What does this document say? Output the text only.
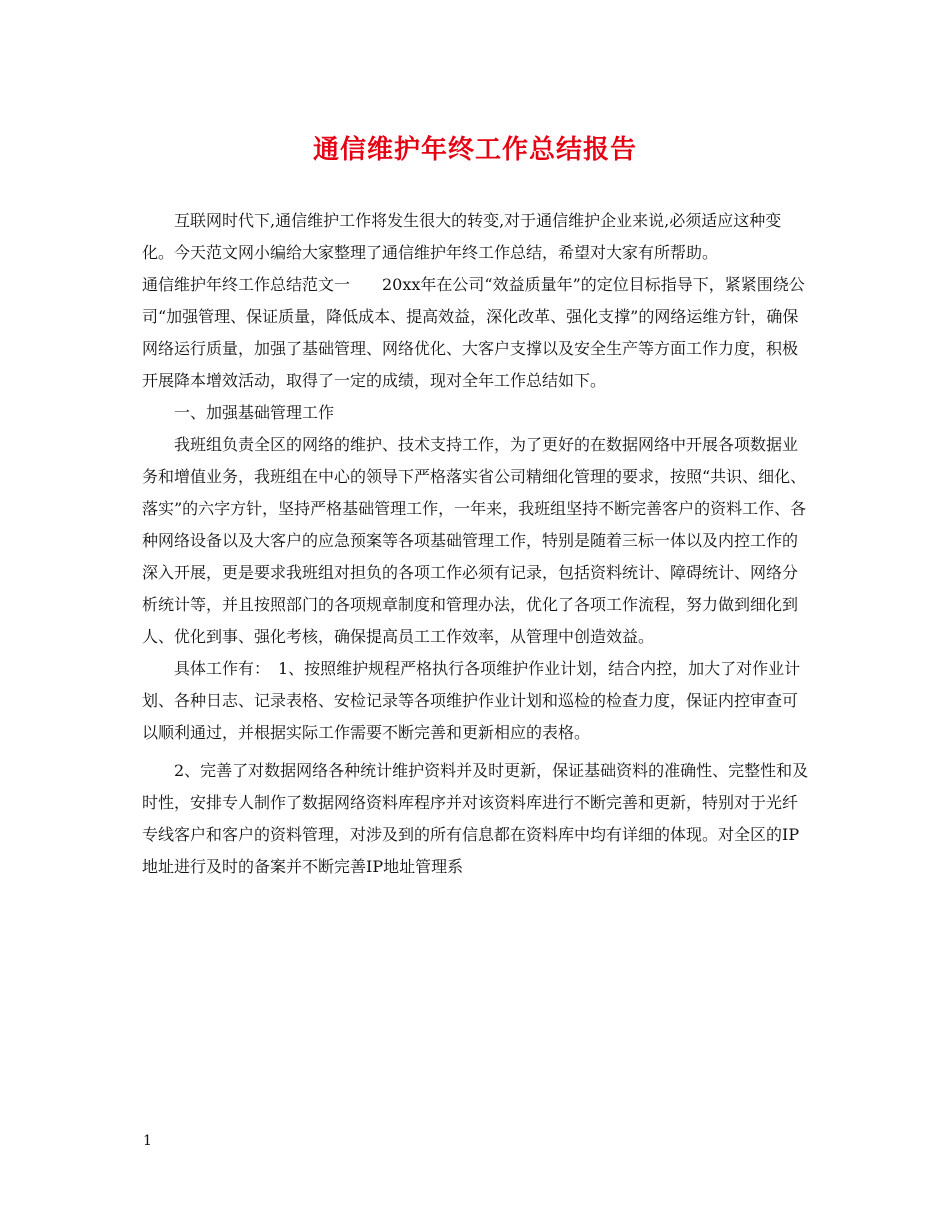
通信维护年终工作总结报告

互联网时代下,通信维护工作将发生很大的转变,对于通信维护企业来说,必须适应这种变化。今天范文网小编给大家整理了通信维护年终工作总结，希望对大家有所帮助。

通信维护年终工作总结范文一　　20xx年在公司“效益质量年”的定位目标指导下，紧紧围绕公司“加强管理、保证质量，降低成本、提高效益，深化改革、强化支撑”的网络运维方针，确保网络运行质量，加强了基础管理、网络优化、大客户支撑以及安全生产等方面工作力度，积极开展降本增效活动，取得了一定的成绩，现对全年工作总结如下。

一、加强基础管理工作

我班组负责全区的网络的维护、技术支持工作，为了更好的在数据网络中开展各项数据业务和增值业务，我班组在中心的领导下严格落实省公司精细化管理的要求，按照“共识、细化、落实”的六字方针，坚持严格基础管理工作，一年来，我班组坚持不断完善客户的资料工作、各种网络设备以及大客户的应急预案等各项基础管理工作，特别是随着三标一体以及内控工作的深入开展，更是要求我班组对担负的各项工作必须有记录，包括资料统计、障碍统计、网络分析统计等，并且按照部门的各项规章制度和管理办法，优化了各项工作流程，努力做到细化到人、优化到事、强化考核，确保提高员工工作效率，从管理中创造效益。

具体工作有：　1、按照维护规程严格执行各项维护作业计划，结合内控，加大了对作业计划、各种日志、记录表格、安检记录等各项维护作业计划和巡检的检查力度，保证内控审查可以顺利通过，并根据实际工作需要不断完善和更新相应的表格。

2、完善了对数据网络各种统计维护资料并及时更新，保证基础资料的准确性、完整性和及时性，安排专人制作了数据网络资料库程序并对该资料库进行不断完善和更新，特别对于光纤专线客户和客户的资料管理，对涉及到的所有信息都在资料库中均有详细的体现。对全区的IP地址进行及时的备案并不断完善IP地址管理系

1
